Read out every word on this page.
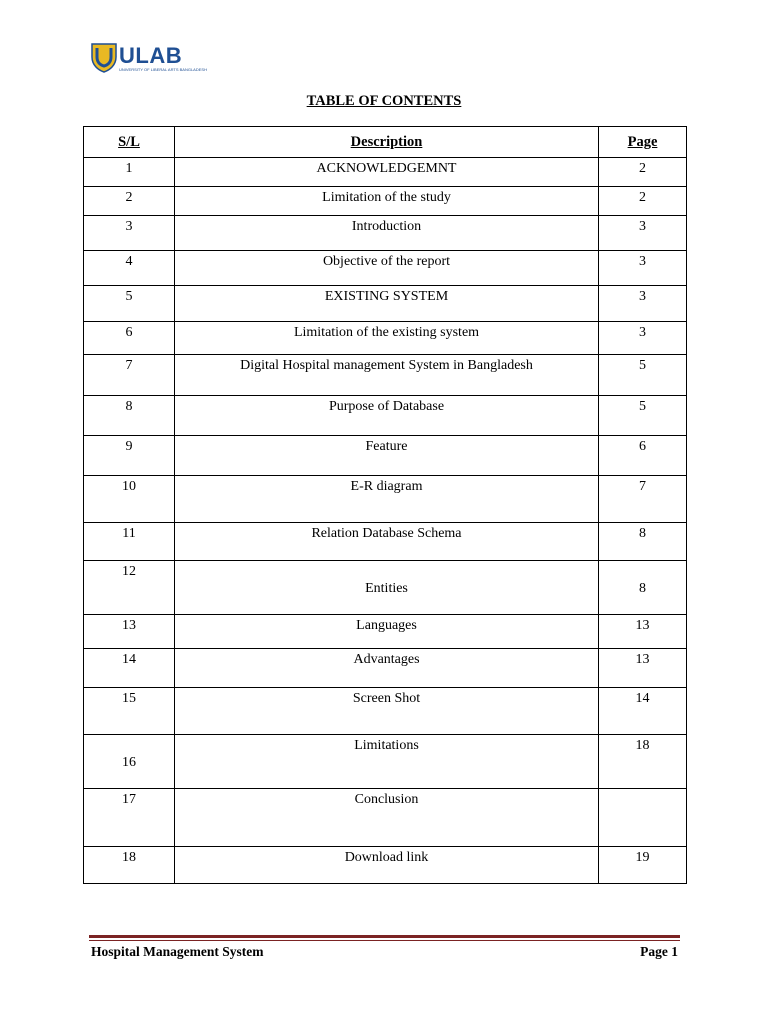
ULAB
UNIVERSITY OF LIBERAL ARTS BANGLADESH
TABLE OF CONTENTS
S/L	Description	Page
1	ACKNOWLEDGEMNT	2
2	Limitation of the study	2
3	Introduction	3
4	Objective of the report	3
5	EXISTING SYSTEM	3
6	Limitation of the existing system	3
7	Digital Hospital management System in Bangladesh	5
8	Purpose of Database	5
9	Feature	6
10	E-R diagram	7
11	Relation Database Schema	8
12	Entities	8
13	Languages	13
14	Advantages	13
15	Screen Shot	14
16	Limitations	18
17	Conclusion	
18	Download link	19
Hospital Management System	Page 1
